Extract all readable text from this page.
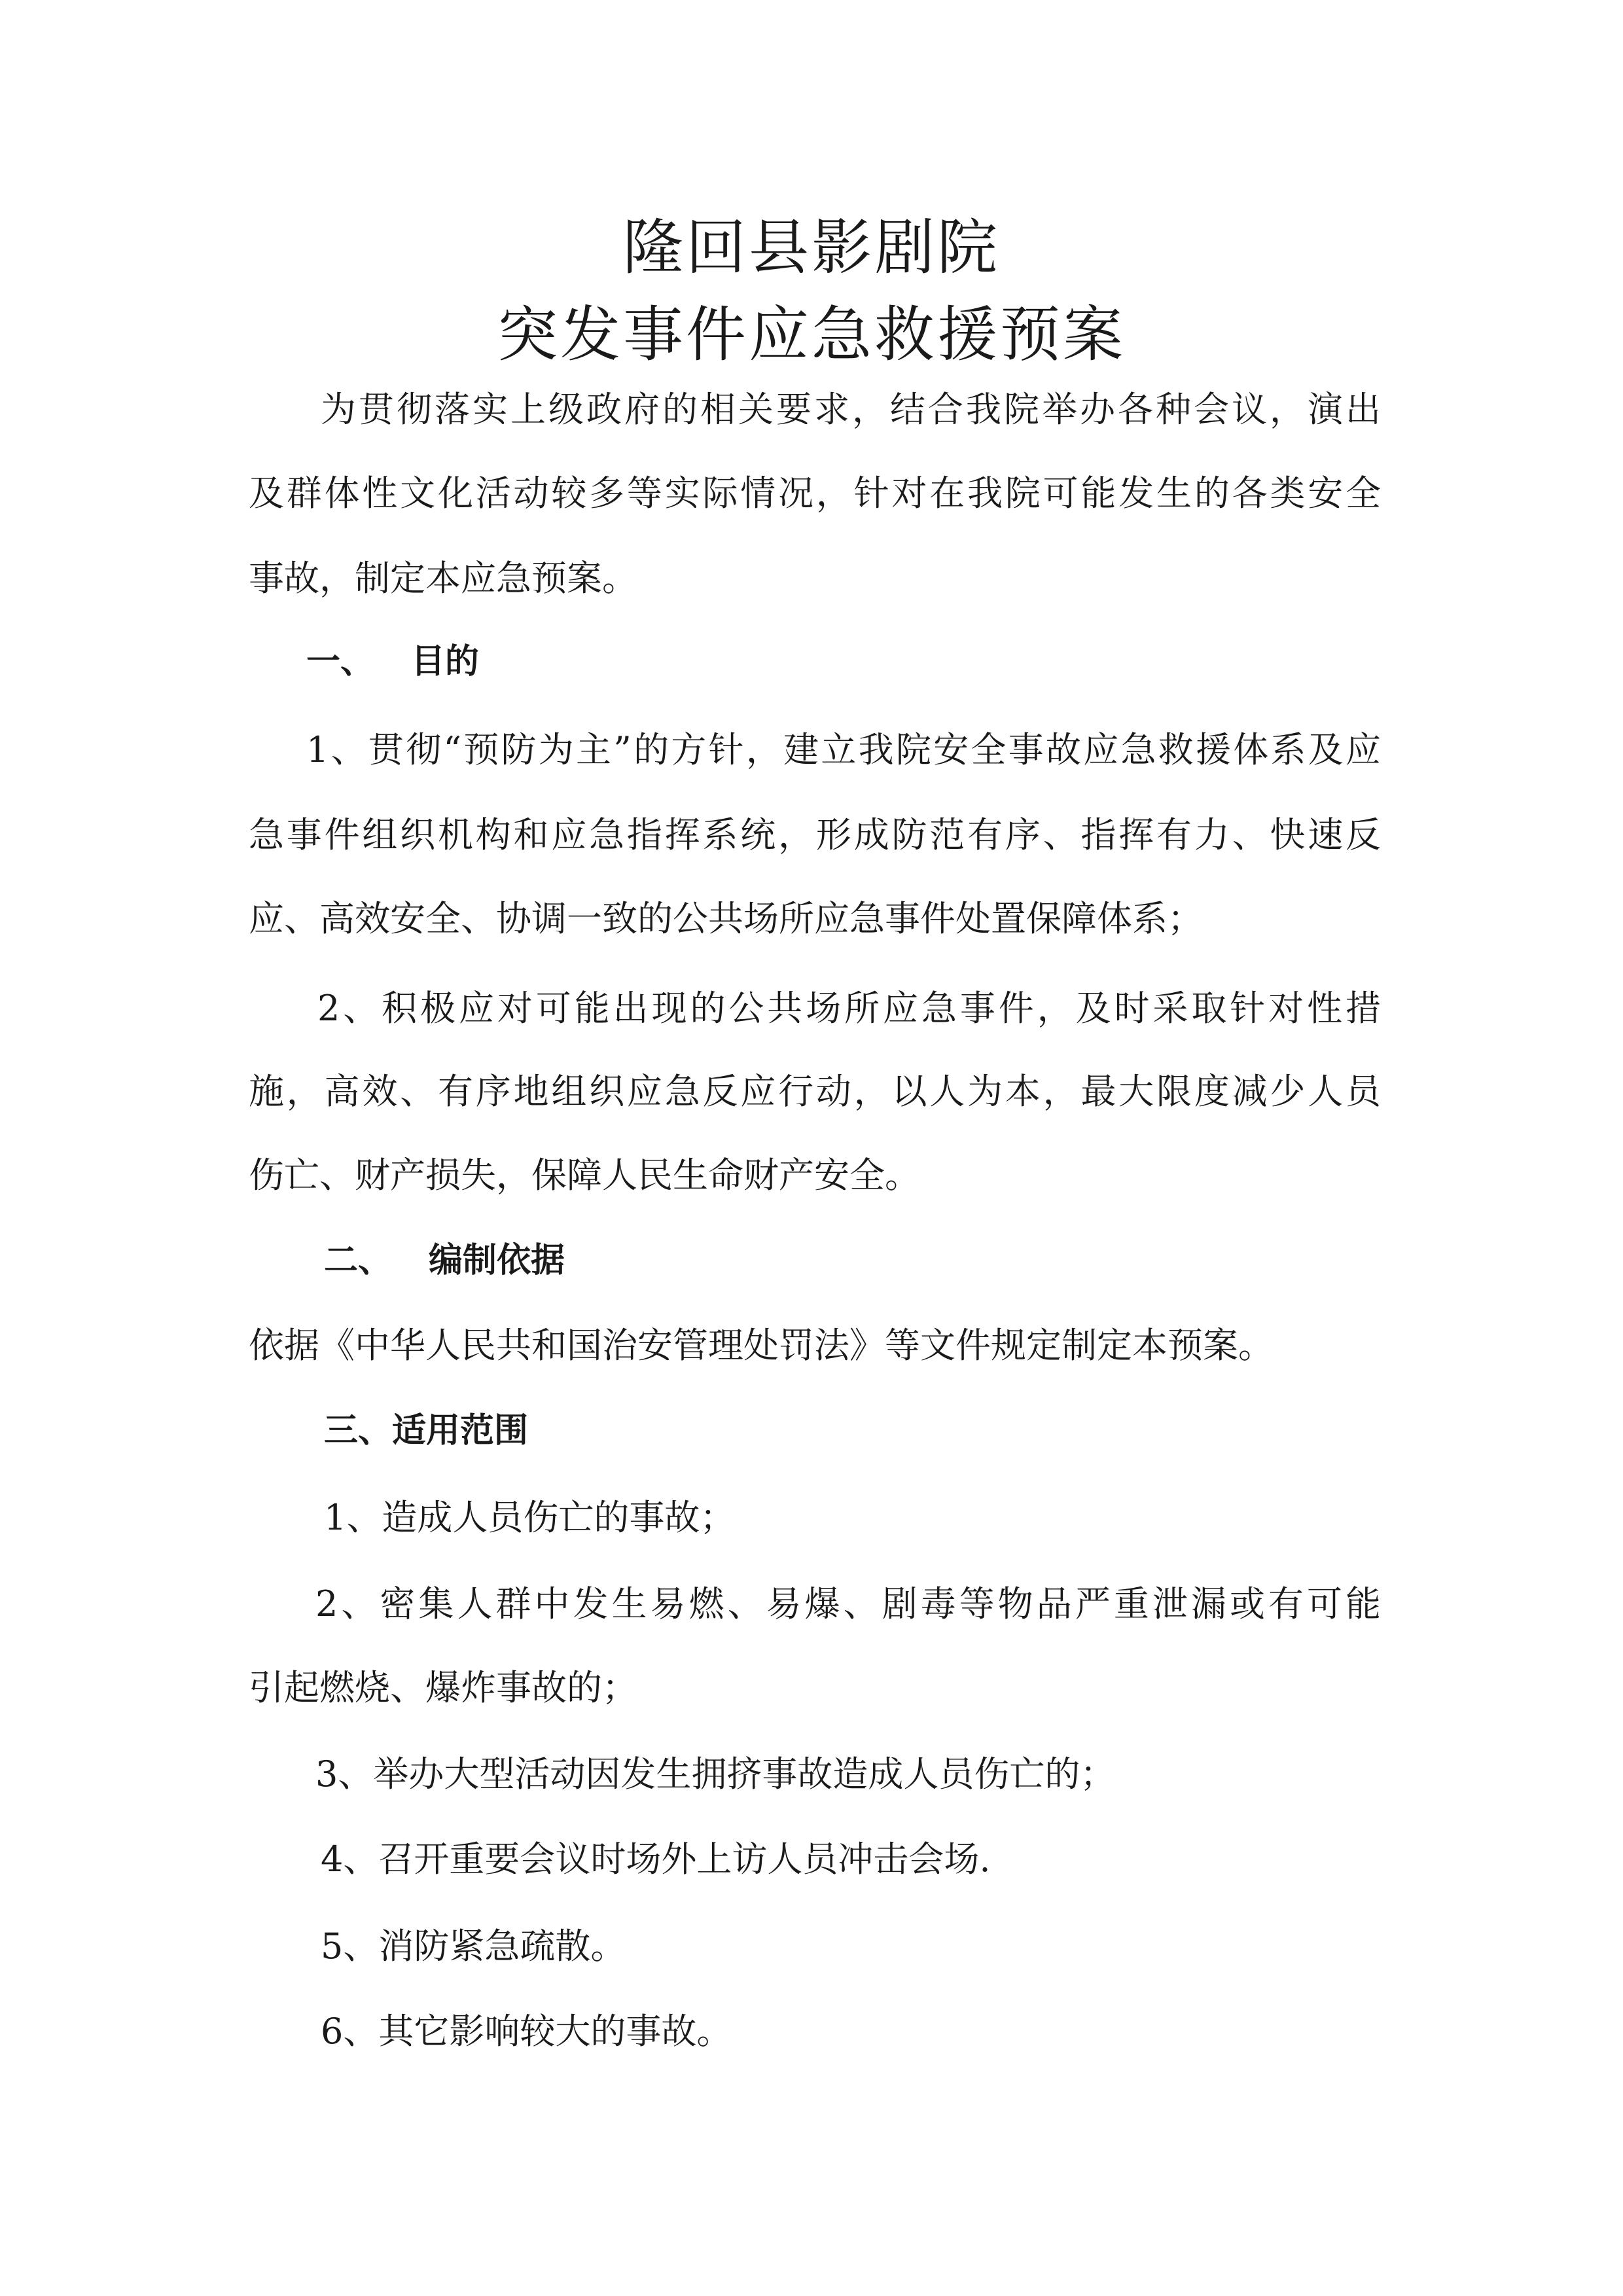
隆回县影剧院
突发事件应急救援预案
为贯彻落实上级政府的相关要求，结合我院举办各种会议，演出
及群体性文化活动较多等实际情况，针对在我院可能发生的各类安全
事故，制定本应急预案。
一、 目的
1、贯彻“预防为主”的方针，建立我院安全事故应急救援体系及应
急事件组织机构和应急指挥系统，形成防范有序、指挥有力、快速反
应、高效安全、协调一致的公共场所应急事件处置保障体系；
2、积极应对可能出现的公共场所应急事件，及时采取针对性措
施，高效、有序地组织应急反应行动，以人为本，最大限度减少人员
伤亡、财产损失，保障人民生命财产安全。
二、 编制依据
依据《中华人民共和国治安管理处罚法》等文件规定制定本预案。
三、适用范围
1、造成人员伤亡的事故；
2、密集人群中发生易燃、易爆、剧毒等物品严重泄漏或有可能
引起燃烧、爆炸事故的；
3、举办大型活动因发生拥挤事故造成人员伤亡的；
4、召开重要会议时场外上访人员冲击会场.
5、消防紧急疏散。
6、其它影响较大的事故。
